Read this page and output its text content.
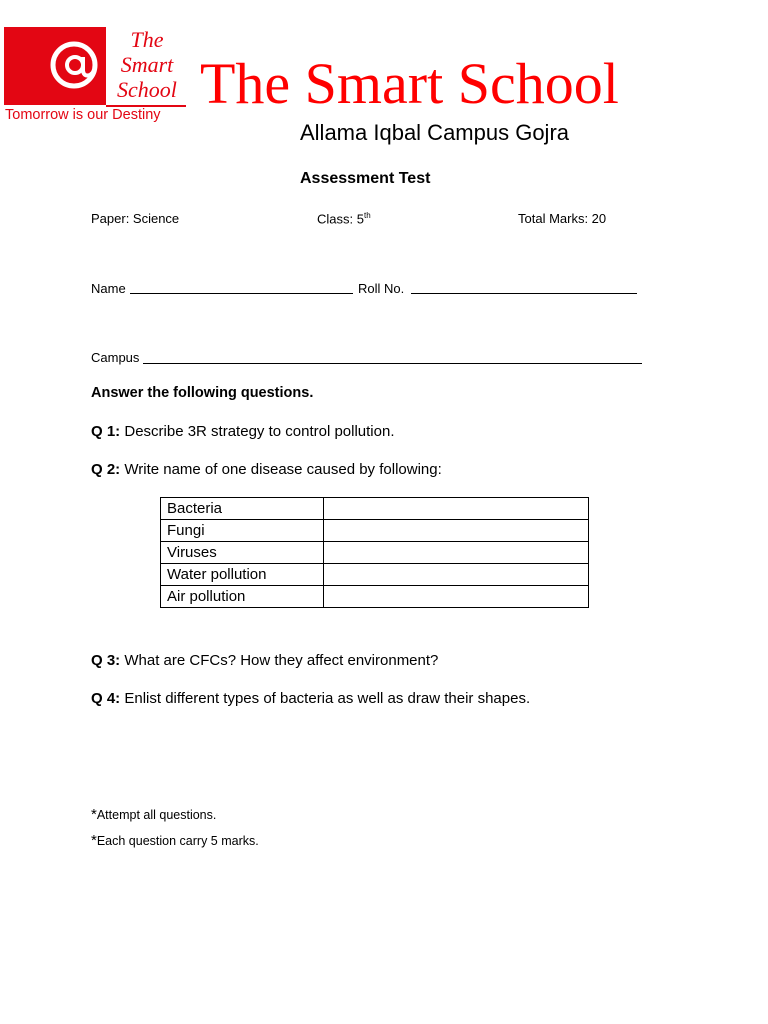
The
Smart
School
Tomorrow is our Destiny The Smart School
Allama Iqbal Campus Gojra
Assessment Test
Paper: Science	Class: 5th	Total Marks: 20
Name	Roll No.
Campus
Answer the following questions.
Q 1: Describe 3R strategy to control pollution.
Q 2: Write name of one disease caused by following:
Bacteria	
Fungi	
Viruses	
Water pollution	
Air pollution	
Q 3: What are CFCs? How they affect environment?
Q 4: Enlist different types of bacteria as well as draw their shapes.
*Attempt all questions.
*Each question carry 5 marks.
